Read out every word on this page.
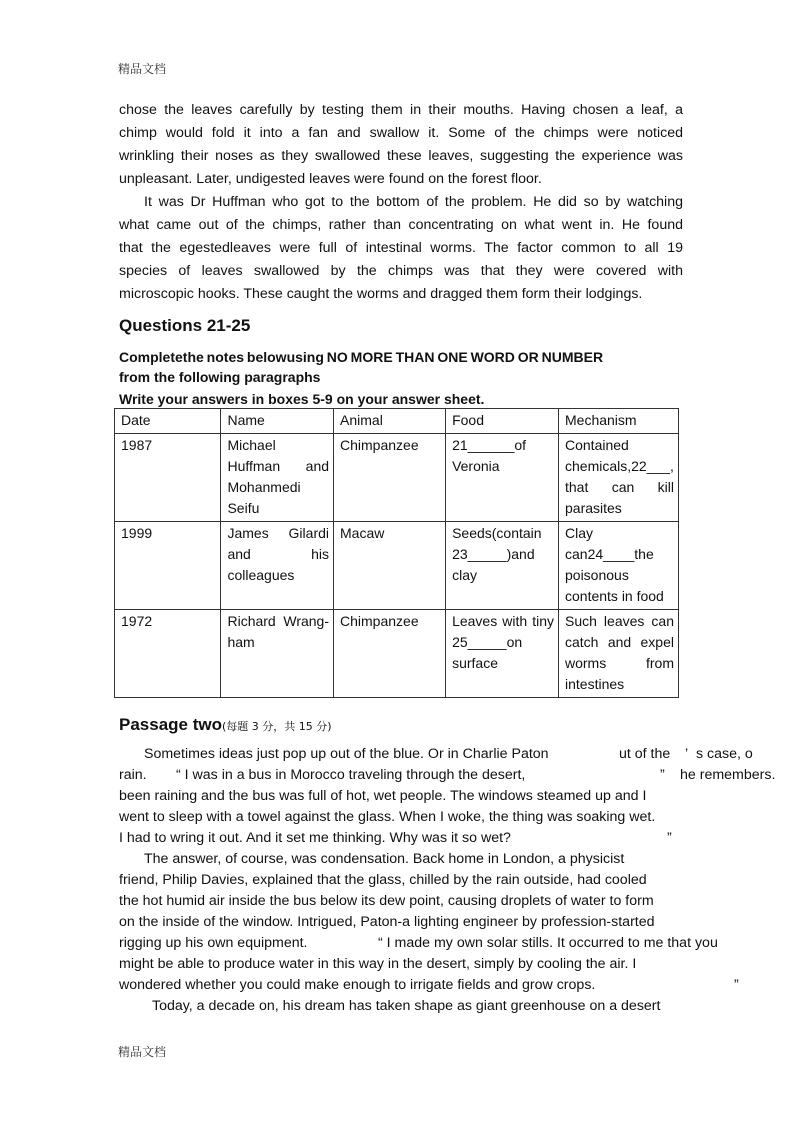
精品文档
chose the leaves carefully by testing them in their mouths. Having chosen a leaf, a
chimp would fold it into a fan and swallow it. Some of the chimps were noticed
wrinkling their noses as they swallowed these leaves, suggesting the experience was
unpleasant. Later, undigested leaves were found on the forest floor.
It was Dr Huffman who got to the bottom of the problem. He did so by watching
what came out of the chimps, rather than concentrating on what went in. He found
that the egestedleaves were full of intestinal worms. The factor common to all 19
species of leaves swallowed by the chimps was that they were covered with
microscopic hooks. These caught the worms and dragged them form their lodgings.
Questions 21-25

Completethe notes belowusing NO MORE THAN ONE WORD OR NUMBER

from the following paragraphs

Write your answers in boxes 5-9 on your answer sheet.

Date	Name	Animal	Food	Mechanism
1987	Michael Huffman and Mohanmedi Seifu	Chimpanzee	21______of Veronia	Contained chemicals,22___, that can kill parasites
1999	James Gilardi and his colleagues	Macaw	Seeds(contain 23_____)and clay	Clay can24____the poisonous contents in food
1972	Richard Wrang-ham	Chimpanzee	Leaves with tiny 25_____on surface	Such leaves can catch and expel worms from intestines
Passage two(每题 3 分，共 15 分)
Sometimes ideas just pop up out of the blue. Or in Charlie Paton	ut of the ’ s case, o
rain. “ I was in a bus in Morocco traveling through the desert,	” he remembers.
been raining and the bus was full of hot, wet people. The windows steamed up and I
went to sleep with a towel against the glass. When I woke, the thing was soaking wet.
I had to wring it out. And it set me thinking. Why was it so wet?	”
The answer, of course, was condensation. Back home in London, a physicist
friend, Philip Davies, explained that the glass, chilled by the rain outside, had cooled
the hot humid air inside the bus below its dew point, causing droplets of water to form
on the inside of the window. Intrigued, Paton-a lighting engineer by profession-started
rigging up his own equipment.	“ I made my own solar stills. It occurred to me that you
might be able to produce water in this way in the desert, simply by cooling the air. I
wondered whether you could make enough to irrigate fields and grow crops.	”
Today, a decade on, his dream has taken shape as giant greenhouse on a desert
精品文档
